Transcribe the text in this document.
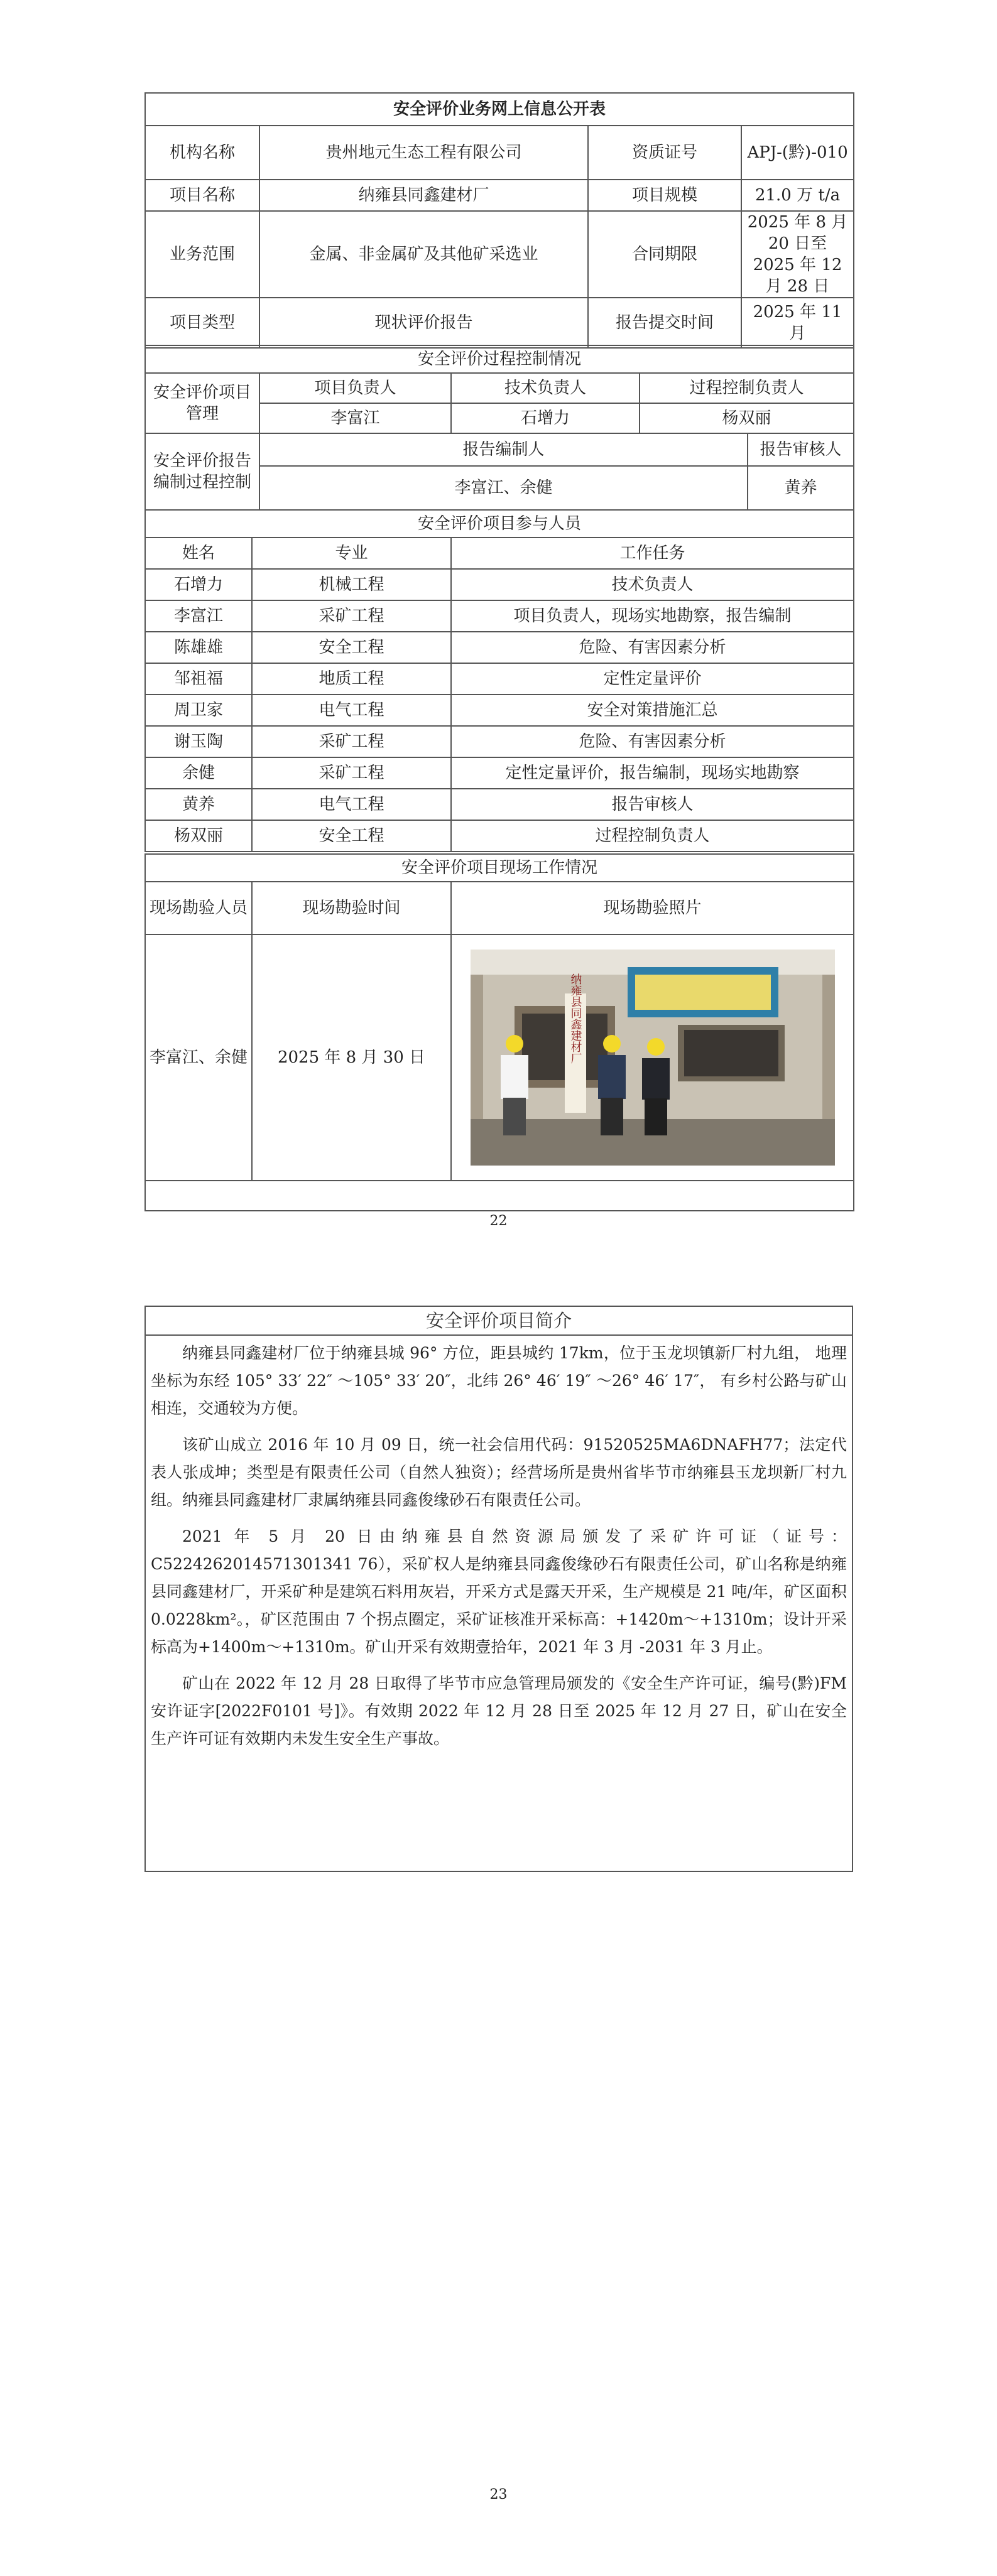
安全评价业务网上信息公开表			
机构名称	贵州地元生态工程有限公司	资质证号	APJ-(黔)-010
项目名称	纳雍县同鑫建材厂	项目规模	21.0 万 t/a
业务范围	金属、非金属矿及其他矿采选业	合同期限	2025 年 8 月 20 日至 2025 年 12 月 28 日
项目类型	现状评价报告	报告提交时间	2025 年 11 月
安全评价过程控制情况			
安全评价项目管理	项目负责人	技术负责人	过程控制负责人
	李富江	石增力	杨双丽
安全评价报告编制过程控制	报告编制人	报告审核人
	李富江、余健	黄养
安全评价项目参与人员		
姓名	专业	工作任务
石增力	机械工程	技术负责人
李富江	采矿工程	项目负责人，现场实地勘察，报告编制
陈雄雄	安全工程	危险、有害因素分析
邹祖福	地质工程	定性定量评价
周卫家	电气工程	安全对策措施汇总
谢玉陶	采矿工程	危险、有害因素分析
余健	采矿工程	定性定量评价，报告编制，现场实地勘察
黄养	电气工程	报告审核人
杨双丽	安全工程	过程控制负责人
安全评价项目现场工作情况		
现场勘验人员	现场勘验时间	现场勘验照片
李富江、余健	2025 年 8 月 30 日	纳雍县同鑫建材厂

22
安全评价项目简介

纳雍县同鑫建材厂位于纳雍县城 96° 方位，距县城约 17km，位于玉龙坝镇新厂村九组， 地理坐标为东经 105° 33′ 22″ ～105° 33′ 20″，北纬 26° 46′ 19″ ～26° 46′ 17″， 有乡村公路与矿山相连，交通较为方便。

该矿山成立 2016 年 10 月 09 日，统一社会信用代码：91520525MA6DNAFH77；法定代表人张成坤；类型是有限责任公司（自然人独资）；经营场所是贵州省毕节市纳雍县玉龙坝新厂村九组。纳雍县同鑫建材厂隶属纳雍县同鑫俊缘砂石有限责任公司。

2021 年 5 月 20 日由纳雍县自然资源局颁发了采矿许可证（证号：C5224262014571301341 76），采矿权人是纳雍县同鑫俊缘砂石有限责任公司，矿山名称是纳雍县同鑫建材厂，开采矿种是建筑石料用灰岩，开采方式是露天开采，生产规模是 21 吨/年，矿区面积 0.0228km²。，矿区范围由 7 个拐点圈定，采矿证核准开采标高：+1420m～+1310m；设计开采标高为+1400m～+1310m。矿山开采有效期壹拾年，2021 年 3 月 -2031 年 3 月止。

矿山在 2022 年 12 月 28 日取得了毕节市应急管理局颁发的《安全生产许可证，编号(黔)FM 安许证字[2022F0101 号]》。有效期 2022 年 12 月 28 日至 2025 年 12 月 27 日，矿山在安全生产许可证有效期内未发生安全生产事故。

23
